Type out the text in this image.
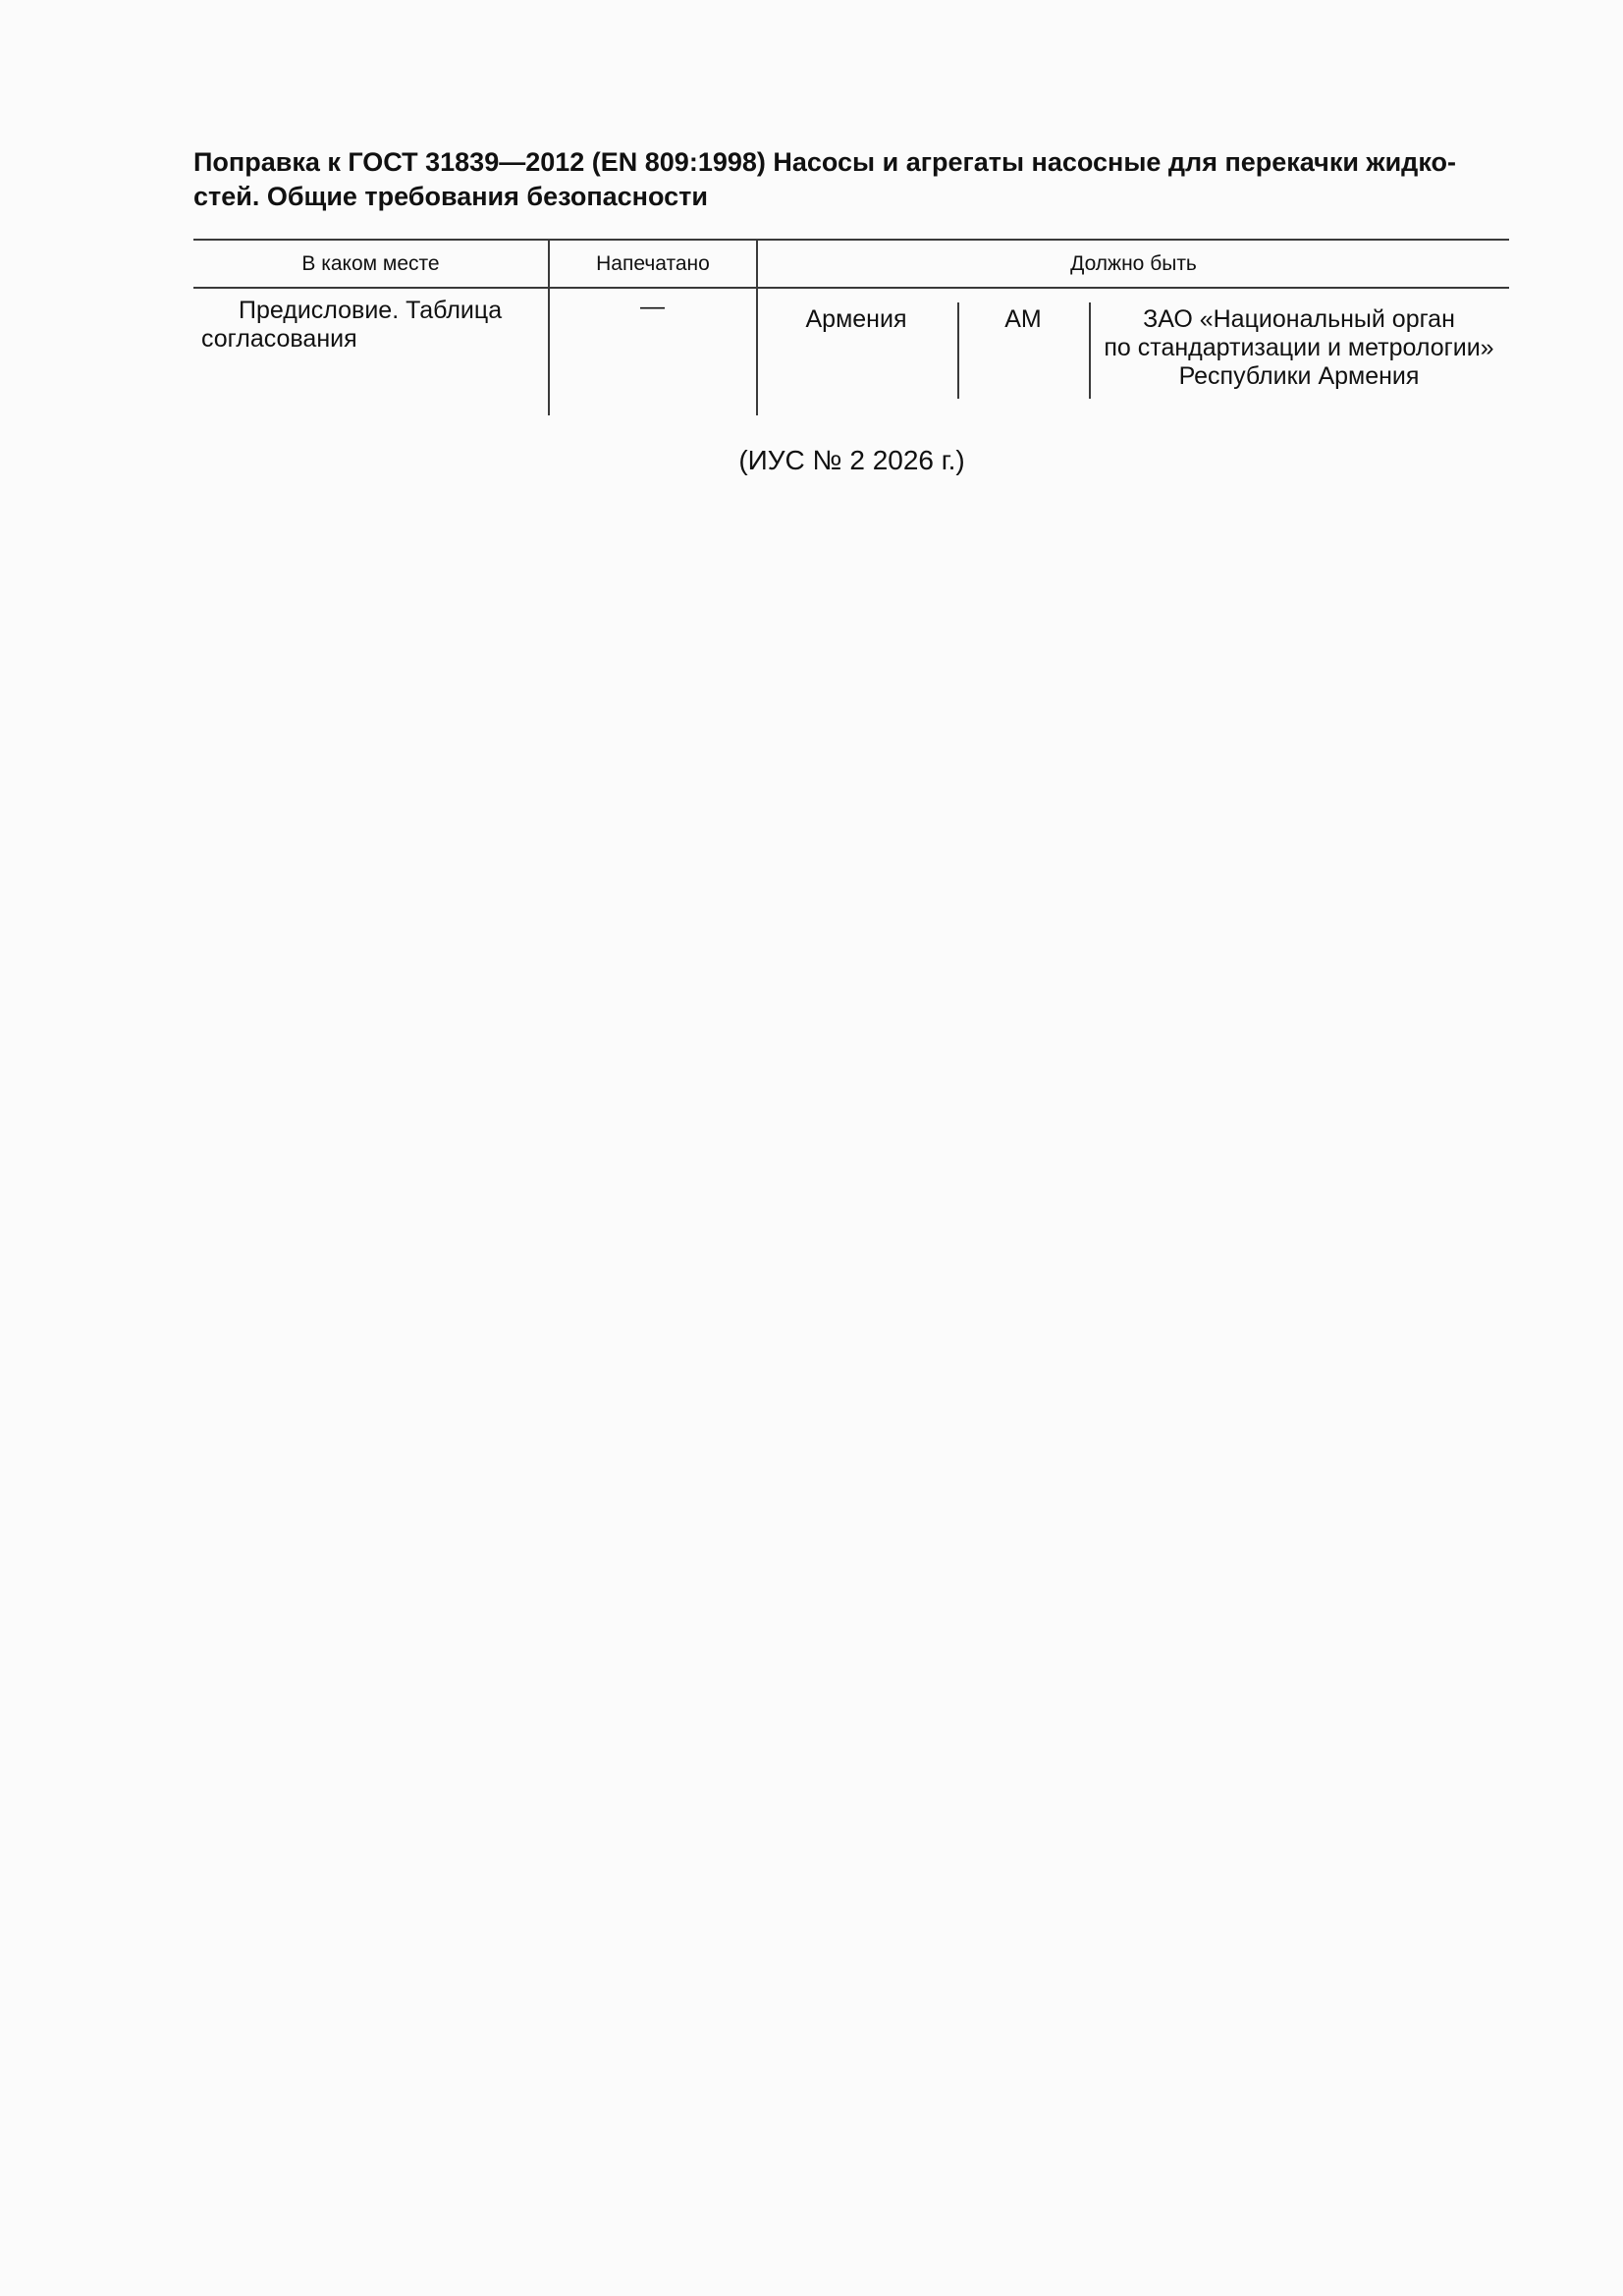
Поправка к ГОСТ 31839—2012 (EN 809:1998) Насосы и агрегаты насосные для перекачки жидко-
стей. Общие требования безопасности
В каком месте	Напечатано	Должно быть
Предисловие. Таблица
согласования
—	Армения	AM	ЗАО «Национальный орган
по стандартизации и метрологии»
Республики Армения
(ИУС № 2 2026 г.)
